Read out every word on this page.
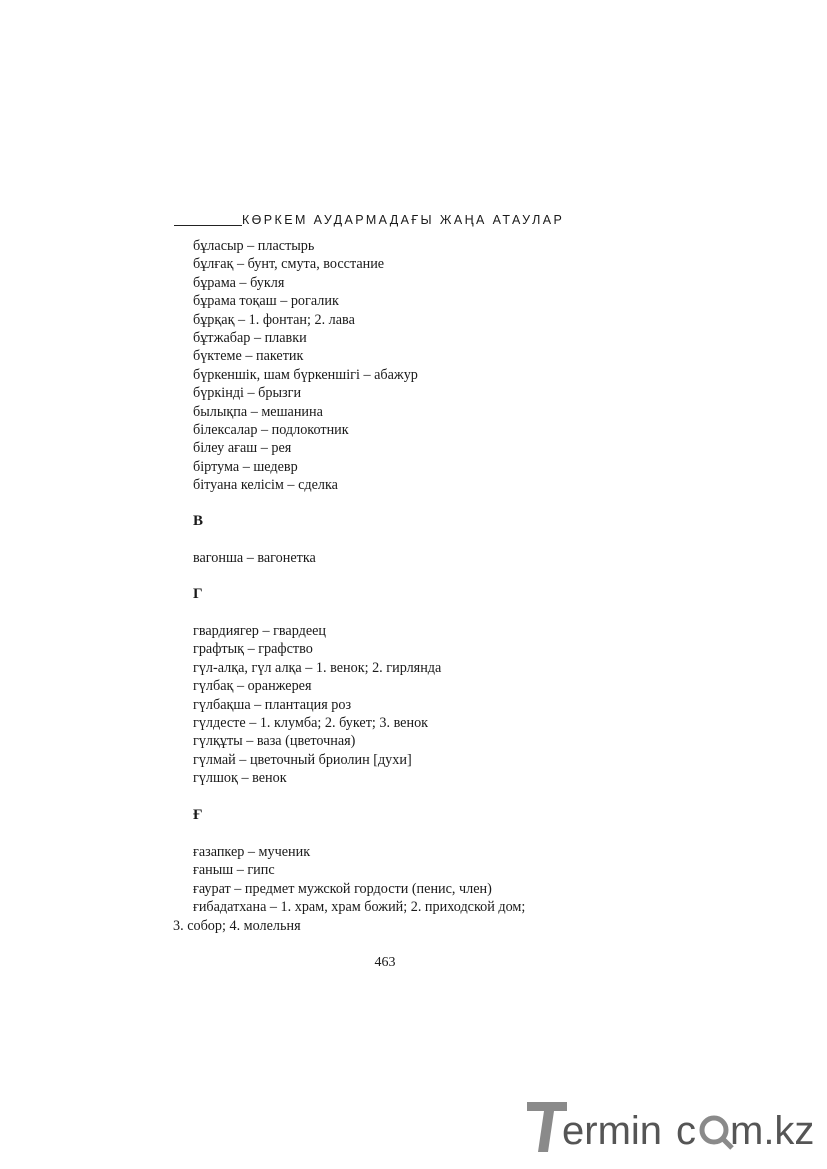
КӨРКЕМ АУДАРМАДАҒЫ ЖАҢА АТАУЛАР
бұласыр – пластырь
бұлғақ – бунт, смута, восстание
бұрама – букля
бұрама тоқаш – рогалик
бұрқақ – 1. фонтан; 2. лава
бұтжабар – плавки
бүктеме – пакетик
бүркеншік, шам бүркеншігі – абажур
бүркінді – брызги
былықпа – мешанина
білексалар – подлокотник
білеу ағаш – рея
біртума – шедевр
бітуана келісім – сделка
В
вагонша – вагонетка
Г
гвардиягер – гвардеец
графтық – графство
гүл-алқа, гүл алқа – 1. венок; 2. гирлянда
гүлбақ – оранжерея
гүлбақша – плантация роз
гүлдесте – 1. клумба; 2. букет; 3. венок
гүлқұты – ваза (цветочная)
гүлмай – цветочный бриолин [духи]
гүлшоқ – венок
Ғ
ғазапкер – мученик
ғаныш – гипс
ғаурат – предмет мужской гордости (пенис, член)
ғибадатхана – 1. храм, храм божий; 2. приходской дом;
3. собор; 4. молельня
463
ermin c m.kz
